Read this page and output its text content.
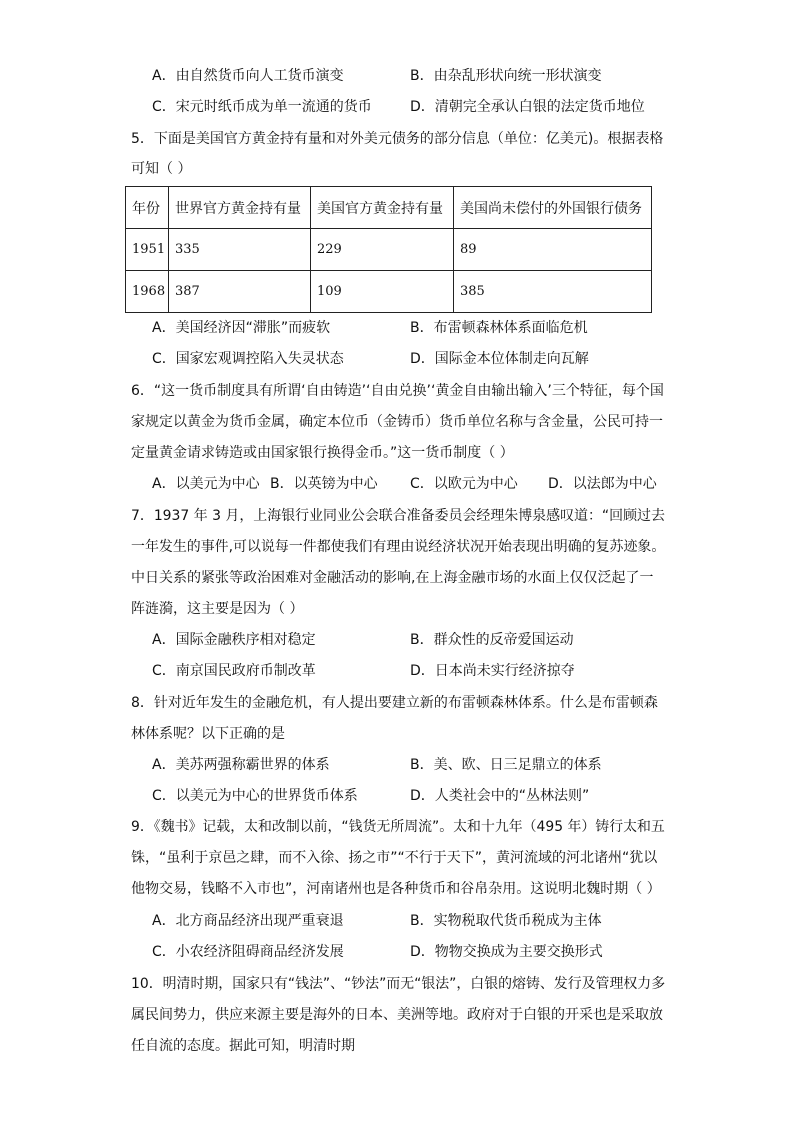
A．由自然货币向人工货币演变	B．由杂乱形状向统一形状演变
C．宋元时纸币成为单一流通的货币	D．清朝完全承认白银的法定货币地位
5．下面是美国官方黄金持有量和对外美元债务的部分信息（单位：亿美元)。根据表格
可知（ ）
年份	世界官方黄金持有量	美国官方黄金持有量	美国尚未偿付的外国银行债务
1951	335	229	89
1968	387	109	385
A．美国经济因“滞胀”而疲软	B．布雷顿森林体系面临危机
C．国家宏观调控陷入失灵状态	D．国际金本位体制走向瓦解
6．“这一货币制度具有所谓‘自由铸造’‘自由兑换’‘黄金自由输出输入’三个特征，每个国
家规定以黄金为货币金属，确定本位币（金铸币）货币单位名称与含金量，公民可持一
定量黄金请求铸造或由国家银行换得金币。”这一货币制度（ ）
A．以美元为中心 B．以英镑为中心 C．以欧元为中心 D．以法郎为中心
7．1937 年 3 月，上海银行业同业公会联合准备委员会经理朱博泉感叹道：“回顾过去
一年发生的事件,可以说每一件都使我们有理由说经济状况开始表现出明确的复苏迹象。
中日关系的紧张等政治困难对金融活动的影响,在上海金融市场的水面上仅仅泛起了一
阵涟漪，这主要是因为（ ）
A．国际金融秩序相对稳定	B．群众性的反帝爱国运动
C．南京国民政府币制改革	D．日本尚未实行经济掠夺
8．针对近年发生的金融危机，有人提出要建立新的布雷顿森林体系。什么是布雷顿森
林体系呢？以下正确的是
A．美苏两强称霸世界的体系	B．美、欧、日三足鼎立的体系
C．以美元为中心的世界货币体系	D．人类社会中的“丛林法则”
9．《魏书》记载，太和改制以前，“钱货无所周流”。太和十九年（495 年）铸行太和五
铢，“虽利于京邑之肆，而不入徐、扬之市”“不行于天下”，黄河流域的河北诸州“犹以
他物交易，钱略不入市也”，河南诸州也是各种货币和谷帛杂用。这说明北魏时期（ ）
A．北方商品经济出现严重衰退	B．实物税取代货币税成为主体
C．小农经济阻碍商品经济发展	D．物物交换成为主要交换形式
10．明清时期，国家只有“钱法”、“钞法”而无“银法”，白银的熔铸、发行及管理权力多
属民间势力，供应来源主要是海外的日本、美洲等地。政府对于白银的开采也是采取放
任自流的态度。据此可知，明清时期
